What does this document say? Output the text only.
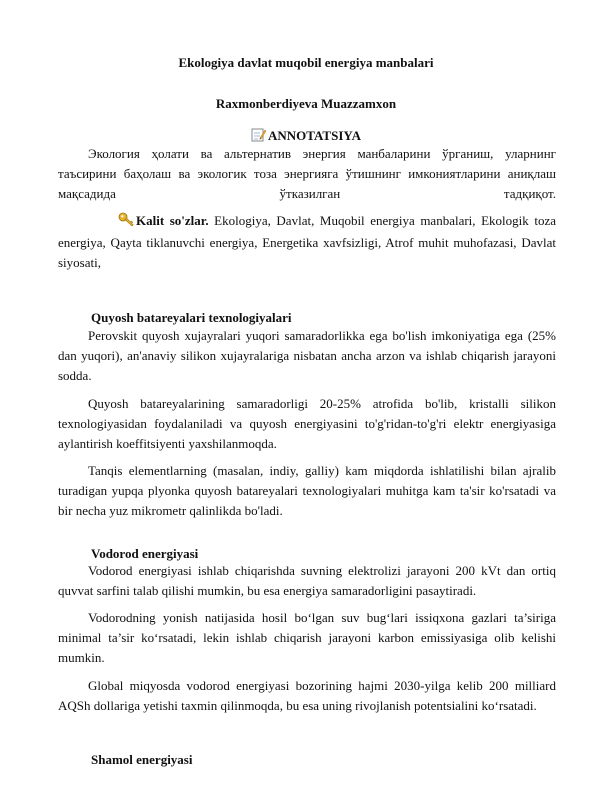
Ekologiya davlat muqobil energiya manbalari

Raxmonberdiyeva Muazzamxon

ANNOTATSIYA

Экология ҳолати ва альтернатив энергия манбаларини ўрганиш, уларнинг таъсирини баҳолаш ва экологик тоза энергияга ўтишнинг имкониятларини аниқлаш мақсадида ўтказилган тадқиқот.

Kalit so'zlar. Ekologiya, Davlat, Muqobil energiya manbalari, Ekologik toza energiya, Qayta tiklanuvchi energiya, Energetika xavfsizligi, Atrof muhit muhofazasi, Davlat siyosati,

Quyosh batareyalari texnologiyalari

Perovskit quyosh xujayralari yuqori samaradorlikka ega bo'lish imkoniyatiga ega (25% dan yuqori), an'anaviy silikon xujayralariga nisbatan ancha arzon va ishlab chiqarish jarayoni sodda.

Quyosh batareyalarining samaradorligi 20-25% atrofida bo'lib, kristalli silikon texnologiyasidan foydalaniladi va quyosh energiyasini to'g'ridan-to'g'ri elektr energiyasiga aylantirish koeffitsiyenti yaxshilanmoqda.

Tanqis elementlarning (masalan, indiy, galliy) kam miqdorda ishlatilishi bilan ajralib turadigan yupqa plyonka quyosh batareyalari texnologiyalari muhitga kam ta'sir ko'rsatadi va bir necha yuz mikrometr qalinlikda bo'ladi.

Vodorod energiyasi

Vodorod energiyasi ishlab chiqarishda suvning elektrolizi jarayoni 200 kVt dan ortiq quvvat sarfini talab qilishi mumkin, bu esa energiya samaradorligini pasaytiradi.

Vodorodning yonish natijasida hosil bo‘lgan suv bug‘lari issiqxona gazlari ta’siriga minimal ta’sir ko‘rsatadi, lekin ishlab chiqarish jarayoni karbon emissiyasiga olib kelishi mumkin.

Global miqyosda vodorod energiyasi bozorining hajmi 2030-yilga kelib 200 milliard AQSh dollariga yetishi taxmin qilinmoqda, bu esa uning rivojlanish potentsialini ko‘rsatadi.

Shamol energiyasi
